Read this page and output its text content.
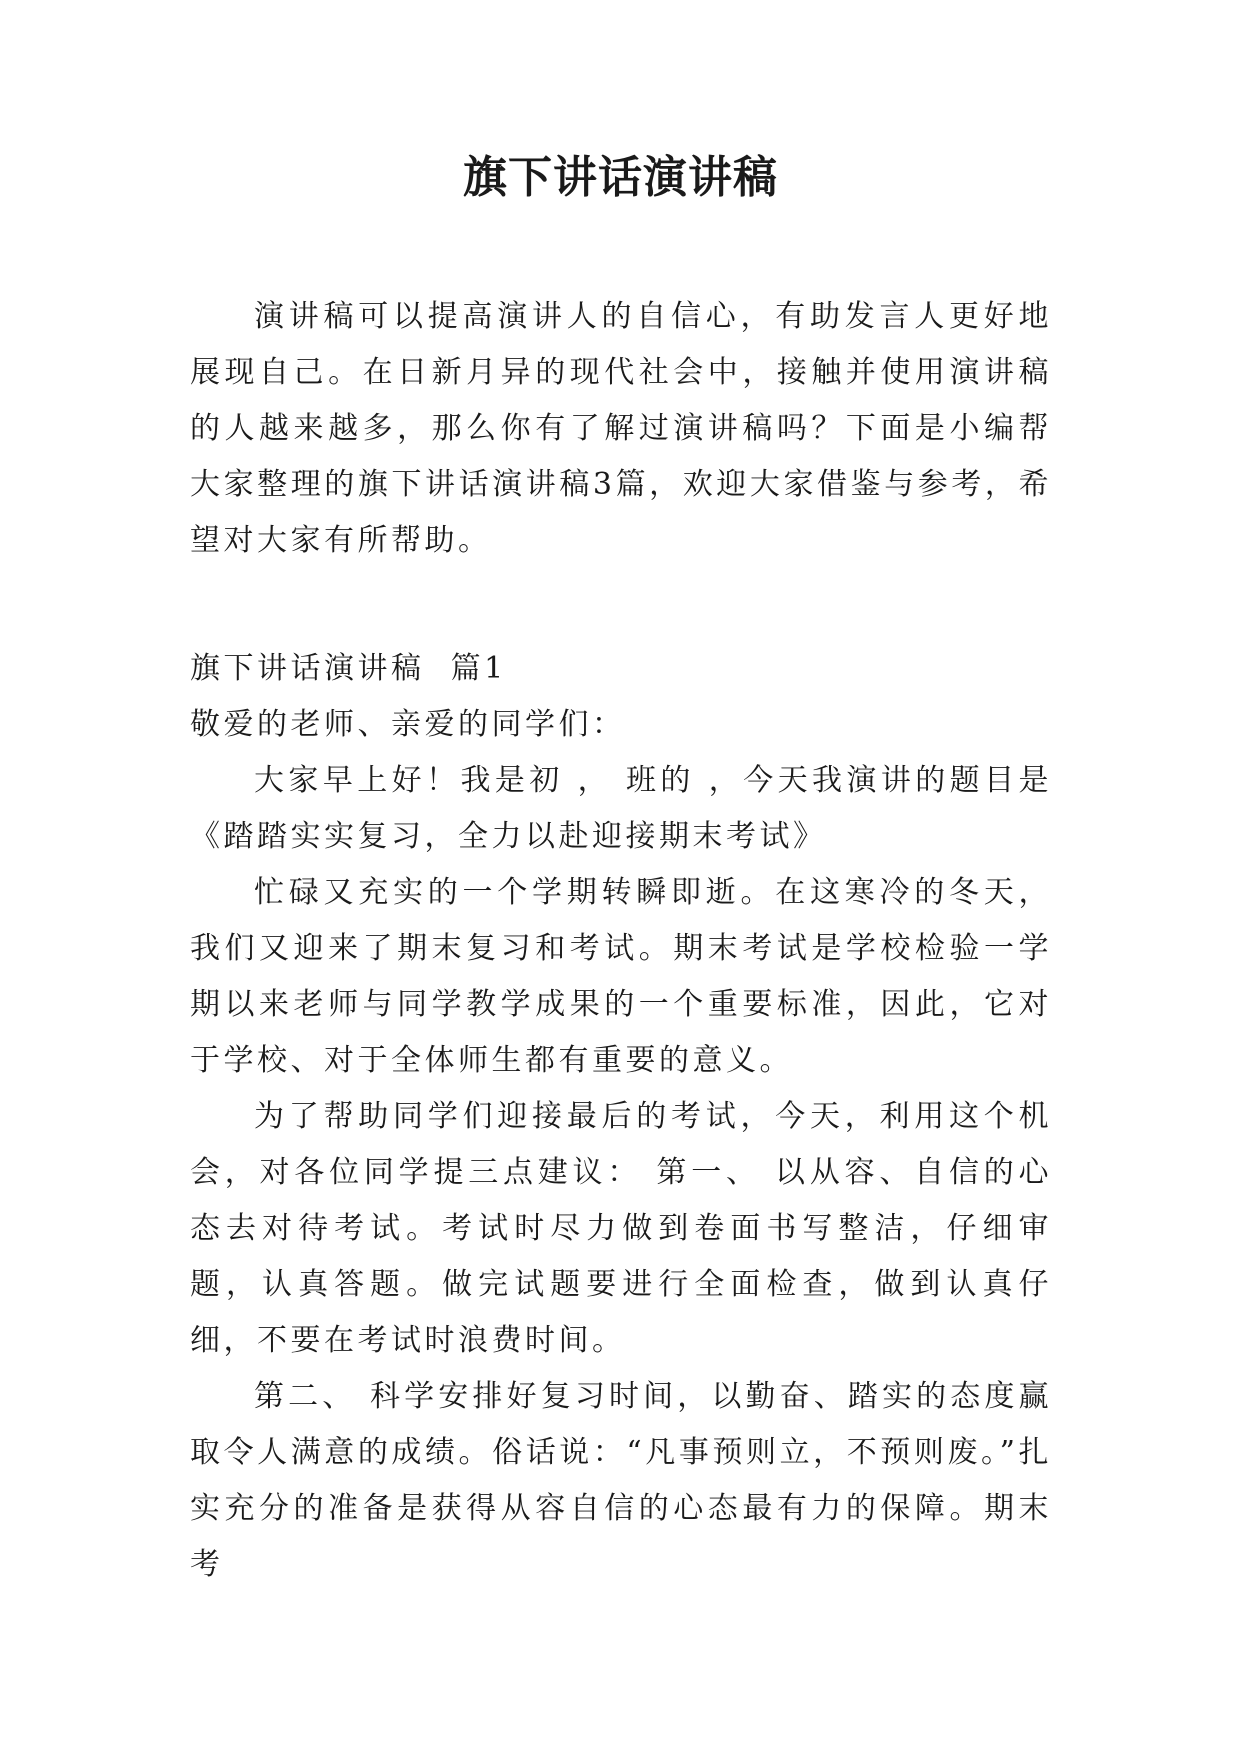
旗下讲话演讲稿

演讲稿可以提高演讲人的自信心，有助发言人更好地展现自己。在日新月异的现代社会中，接触并使用演讲稿的人越来越多，那么你有了解过演讲稿吗？下面是小编帮大家整理的旗下讲话演讲稿3篇，欢迎大家借鉴与参考，希望对大家有所帮助。

旗下讲话演讲稿  篇1

敬爱的老师、亲爱的同学们：

大家早上好！我是初 ， 班的 ，今天我演讲的题目是《踏踏实实复习，全力以赴迎接期末考试》

忙碌又充实的一个学期转瞬即逝。在这寒冷的冬天，我们又迎来了期末复习和考试。期末考试是学校检验一学期以来老师与同学教学成果的一个重要标准，因此，它对于学校、对于全体师生都有重要的意义。

为了帮助同学们迎接最后的考试，今天，利用这个机会，对各位同学提三点建议： 第一、 以从容、自信的心态去对待考试。考试时尽力做到卷面书写整洁，仔细审题，认真答题。做完试题要进行全面检查，做到认真仔细，不要在考试时浪费时间。

第二、 科学安排好复习时间，以勤奋、踏实的态度赢取令人满意的成绩。俗话说：“凡事预则立，不预则废。”扎实充分的准备是获得从容自信的心态最有力的保障。期末考
